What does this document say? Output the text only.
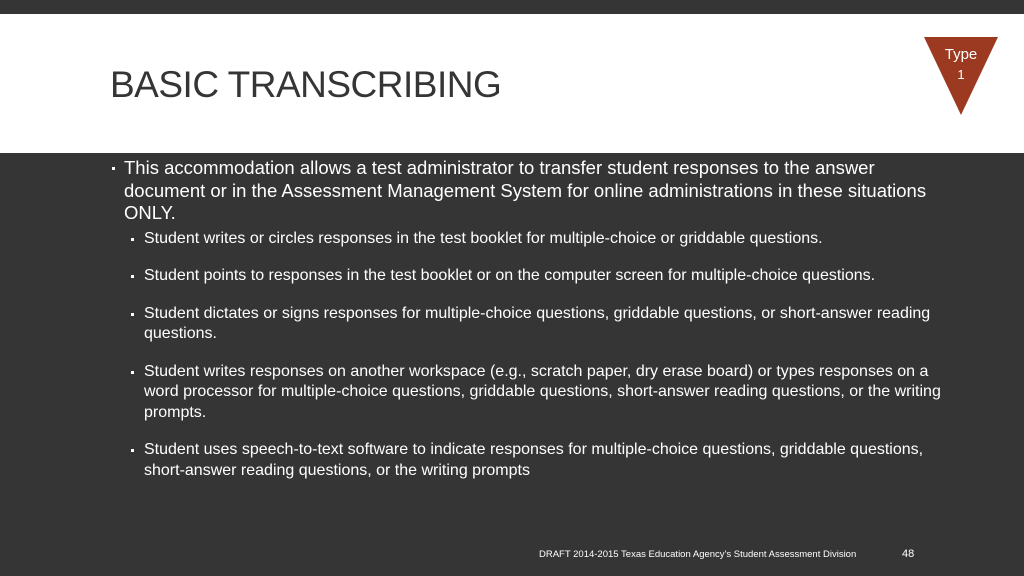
BASIC TRANSCRIBING
Type
1
This accommodation allows a test administrator to transfer student responses to the answer document or in the Assessment Management System for online administrations in these situations ONLY.
Student writes or circles responses in the test booklet for multiple-choice or griddable questions.
Student points to responses in the test booklet or on the computer screen for multiple-choice questions.
Student dictates or signs responses for multiple-choice questions, griddable questions, or short-answer reading questions.
Student writes responses on another workspace (e.g., scratch paper, dry erase board) or types responses on a word processor for multiple-choice questions, griddable questions, short-answer reading questions, or the writing prompts.
Student uses speech-to-text software to indicate responses for multiple-choice questions, griddable questions, short-answer reading questions, or the writing prompts
DRAFT 2014-2015 Texas Education Agency's Student Assessment Division	48
